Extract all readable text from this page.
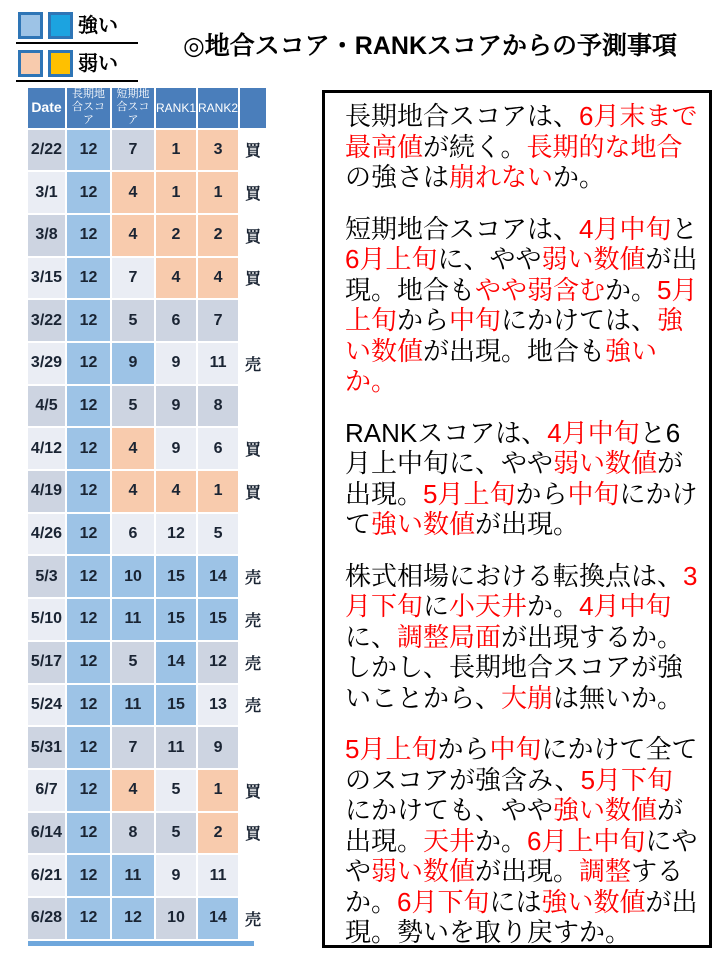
強い
弱い
◎地合スコア・RANKスコアからの予測事項
Date	長期地合スコア	短期地合スコア	RANK1	RANK2	
2/22	12	7	1	3	買
3/1	12	4	1	1	買
3/8	12	4	2	2	買
3/15	12	7	4	4	買
3/22	12	5	6	7	
3/29	12	9	9	11	売
4/5	12	5	9	8	
4/12	12	4	9	6	買
4/19	12	4	4	1	買
4/26	12	6	12	5	
5/3	12	10	15	14	売
5/10	12	11	15	15	売
5/17	12	5	14	12	売
5/24	12	11	15	13	売
5/31	12	7	11	9	
6/7	12	4	5	1	買
6/14	12	8	5	2	買
6/21	12	11	9	11	
6/28	12	12	10	14	売

長期地合スコアは、6月末まで最高値が続く。長期的な地合の強さは崩れないか。

短期地合スコアは、4月中旬と6月上旬に、やや弱い数値が出現。地合もやや弱含むか。5月上旬から中旬にかけては、強い数値が出現。地合も強いか。

RANKスコアは、4月中旬と6月上中旬に、やや弱い数値が出現。5月上旬から中旬にかけて強い数値が出現。

株式相場における転換点は、3月下旬に小天井か。4月中旬に、調整局面が出現するか。しかし、長期地合スコアが強いことから、大崩は無いか。

5月上旬から中旬にかけて全てのスコアが強含み、5月下旬にかけても、やや強い数値が出現。天井か。6月上中旬にやや弱い数値が出現。調整するか。6月下旬には強い数値が出現。勢いを取り戻すか。
